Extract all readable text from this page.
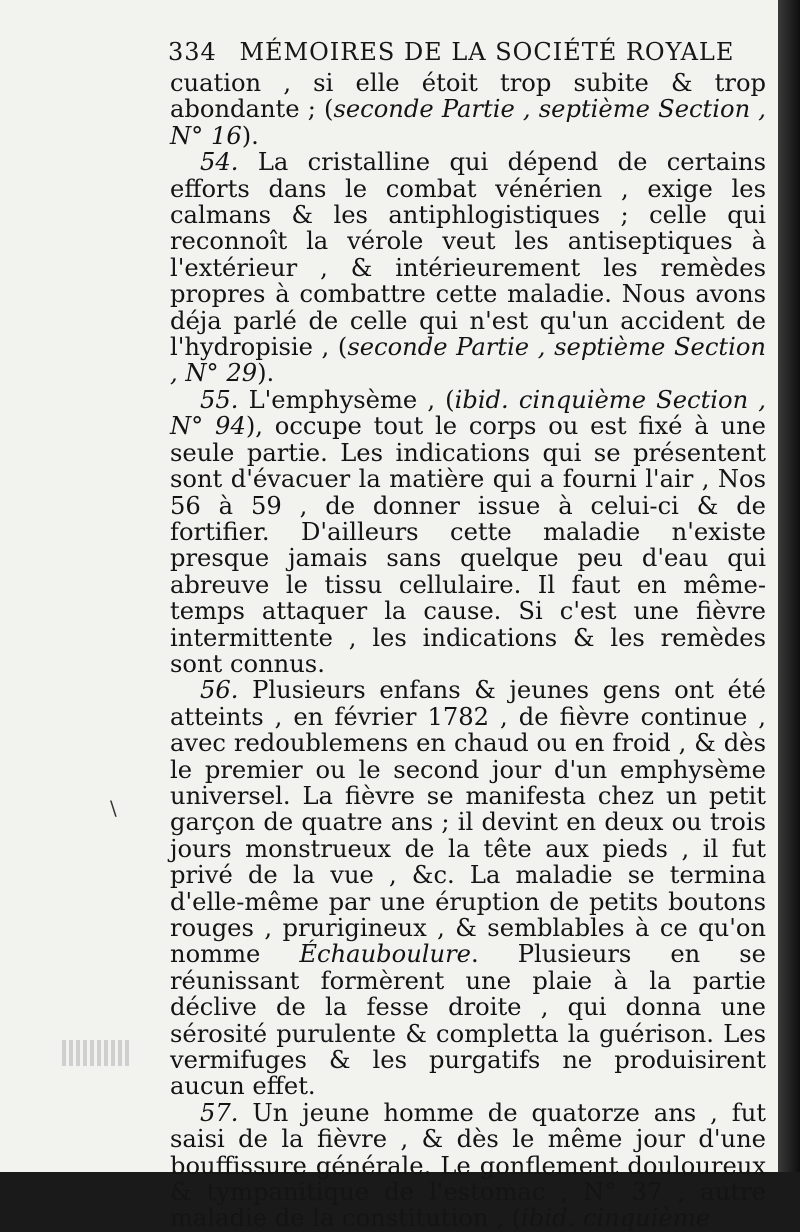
334 MÉMOIRES DE LA SOCIÉTÉ ROYALE

cuation , si elle étoit trop subite & trop abondante ; (seconde Partie , septième Section , N° 16).

54. La cristalline qui dépend de certains efforts dans le combat vénérien , exige les calmans & les antiphlogistiques ; celle qui reconnoît la vérole veut les antiseptiques à l'extérieur , & intérieurement les remèdes propres à combattre cette maladie. Nous avons déja parlé de celle qui n'est qu'un accident de l'hydropisie , (seconde Partie , septième Section , N° 29).

55. L'emphysème , (ibid. cinquième Section , N° 94), occupe tout le corps ou est fixé à une seule partie. Les indications qui se présentent sont d'évacuer la matière qui a fourni l'air , Nos 56 à 59 , de donner issue à celui-ci & de fortifier. D'ailleurs cette maladie n'existe presque jamais sans quelque peu d'eau qui abreuve le tissu cellulaire. Il faut en même-temps attaquer la cause. Si c'est une fièvre intermittente , les indications & les remèdes sont connus.

56. Plusieurs enfans & jeunes gens ont été atteints , en février 1782 , de fièvre continue , avec redoublemens en chaud ou en froid , & dès le premier ou le second jour d'un emphysème universel. La fièvre se manifesta chez un petit garçon de quatre ans ; il devint en deux ou trois jours monstrueux de la tête aux pieds , il fut privé de la vue , &c. La maladie se termina d'elle-même par une éruption de petits boutons rouges , prurigineux , & semblables à ce qu'on nomme Échauboulure. Plusieurs en se réunissant formèrent une plaie à la partie déclive de la fesse droite , qui donna une sérosité purulente & completta la guérison. Les vermifuges & les purgatifs ne produisirent aucun effet.

57. Un jeune homme de quatorze ans , fut saisi de la fièvre , & dès le même jour d'une bouffissure générale. Le gonflement douloureux & tympanitique de l'estomac , N° 37 , autre maladie de la constitution , (ibid. cinquième

\
